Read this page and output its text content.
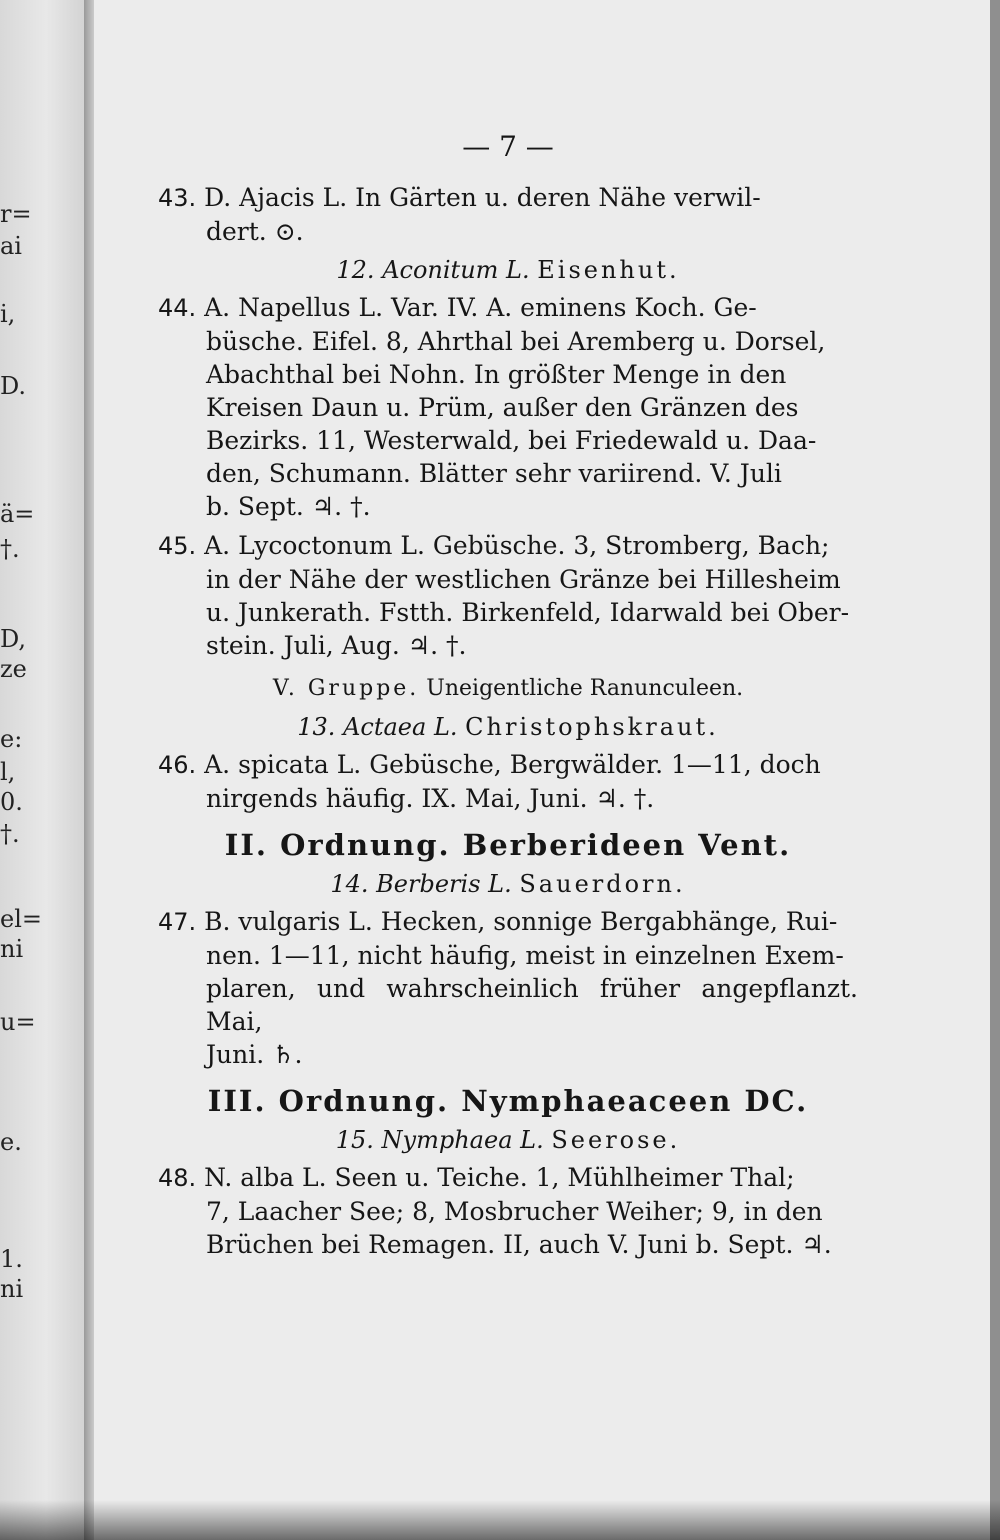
r=
ai
i,
D.
ä=
†.
D,
ze
e:
l,
0.
†.
el=
ni
u=
e.
1.
ni
— 7 —
43. D. Ajacis L. In Gärten u. deren Nähe verwil-
dert. ⊙.
12. Aconitum L. Eisenhut.
44. A. Napellus L. Var. IV. A. eminens Koch. Ge-
büsche. Eifel. 8, Ahrthal bei Aremberg u. Dorsel,
Abachthal bei Nohn. In größter Menge in den
Kreisen Daun u. Prüm, außer den Gränzen des
Bezirks. 11, Westerwald, bei Friedewald u. Daa-
den, Schumann. Blätter sehr variirend. V. Juli
b. Sept. ♃. †.
45. A. Lycoctonum L. Gebüsche. 3, Stromberg, Bach;
in der Nähe der westlichen Gränze bei Hillesheim
u. Junkerath. Fstth. Birkenfeld, Idarwald bei Ober-
stein. Juli, Aug. ♃. †.
V. Gruppe. Uneigentliche Ranunculeen.
13. Actaea L. Christophskraut.
46. A. spicata L. Gebüsche, Bergwälder. 1—11, doch
nirgends häufig. IX. Mai, Juni. ♃. †.
II. Ordnung. Berberideen Vent.
14. Berberis L. Sauerdorn.
47. B. vulgaris L. Hecken, sonnige Bergabhänge, Rui-
nen. 1—11, nicht häufig, meist in einzelnen Exem-
plaren, und wahrscheinlich früher angepflanzt. Mai,
Juni. ♄.
III. Ordnung. Nymphaeaceen DC.
15. Nymphaea L. Seerose.
48. N. alba L. Seen u. Teiche. 1, Mühlheimer Thal;
7, Laacher See; 8, Mosbrucher Weiher; 9, in den
Brüchen bei Remagen. II, auch V. Juni b. Sept. ♃.
